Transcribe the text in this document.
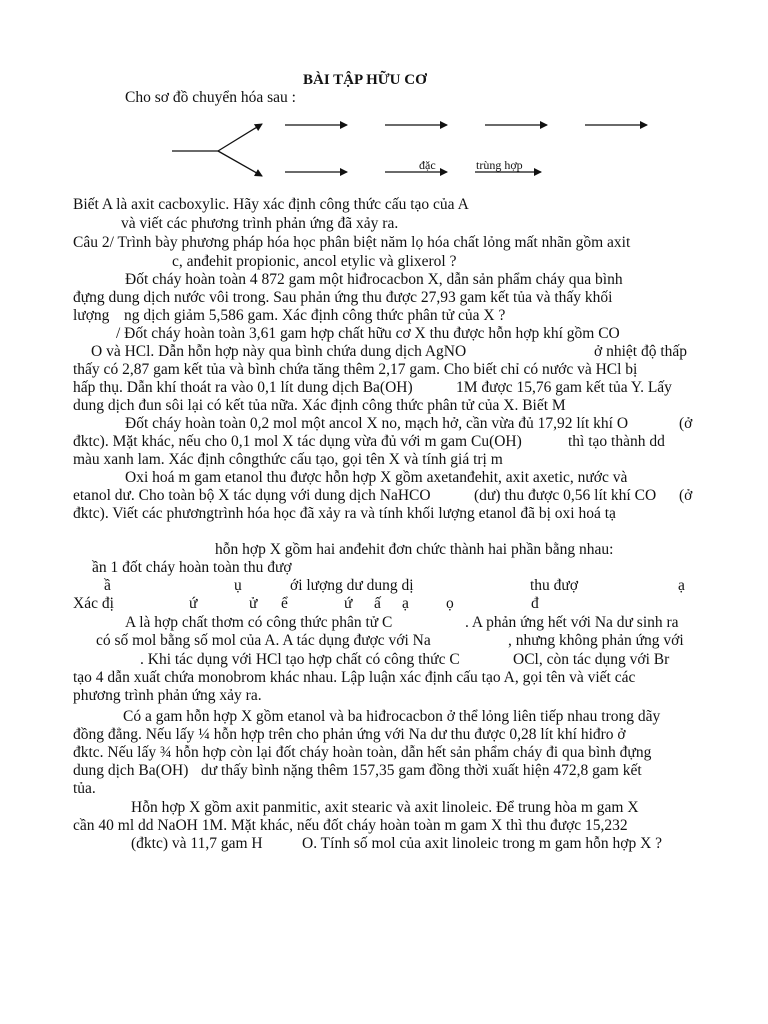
BÀI TẬP HỮU CƠ
Cho sơ đồ chuyển hóa sau :
đặc	trùng hợp
Biết A là axit cacboxylic. Hãy xác định công thức cấu tạo của A
và viết các phương trình phản ứng đã xảy ra.
Câu 2/ Trình bày phương pháp hóa học phân biệt năm lọ hóa chất lỏng mất nhãn gồm axit
c, anđehit propionic, ancol etylic và glixerol ?
Đốt cháy hoàn toàn 4 872 gam một hiđrocacbon X, dẫn sản phẩm cháy qua bình
đựng dung dịch nước vôi trong. Sau phản ứng thu được 27,93 gam kết tủa và thấy khối
lượng ng dịch giảm 5,586 gam. Xác định công thức phân tử của X ?
/ Đốt cháy hoàn toàn 3,61 gam hợp chất hữu cơ X thu được hỗn hợp khí gồm CO
O và HCl. Dẫn hỗn hợp này qua bình chứa dung dịch AgNO	ở nhiệt độ thấp
thấy có 2,87 gam kết tủa và bình chứa tăng thêm 2,17 gam. Cho biết chỉ có nước và HCl bị
hấp thụ. Dẫn khí thoát ra vào 0,1 lít dung dịch Ba(OH)	1M được 15,76 gam kết tủa Y. Lấy
dung dịch đun sôi lại có kết tủa nữa. Xác định công thức phân tử của X. Biết M
Đốt cháy hoàn toàn 0,2 mol một ancol X no, mạch hở, cần vừa đủ 17,92 lít khí O	(ở
đktc). Mặt khác, nếu cho 0,1 mol X tác dụng vừa đủ với m gam Cu(OH)	thì tạo thành dd
màu xanh lam. Xác định côngthức cấu tạo, gọi tên X và tính giá trị m
Oxi hoá m gam etanol thu được hỗn hợp X gồm axetanđehit, axit axetic, nước và
etanol dư. Cho toàn bộ X tác dụng với dung dịch NaHCO	(dư) thu được 0,56 lít khí CO (ở
đktc). Viết các phươngtrình hóa học đã xảy ra và tính khối lượng etanol đã bị oxi hoá tạ
hỗn hợp X gồm hai anđehit đơn chức thành hai phần bằng nhau:
ần 1 đốt cháy hoàn toàn thu đượ
ầ	ụ	ới lượng dư dung dị	thu đượ	ạ
Xác đị	ứ	ử ể	ứ ấ ạ ọ	đ
A là hợp chất thơm có công thức phân tử C	. A phản ứng hết với Na dư sinh ra
có số mol bằng số mol của A. A tác dụng được với Na	, nhưng không phản ứng với
. Khi tác dụng với HCl tạo hợp chất có công thức C	OCl, còn tác dụng với Br
tạo 4 dẫn xuất chứa monobrom khác nhau. Lập luận xác định cấu tạo A, gọi tên và viết các
phương trình phản ứng xảy ra.
Có a gam hỗn hợp X gồm etanol và ba hiđrocacbon ở thể lỏng liên tiếp nhau trong dãy
đồng đẳng. Nếu lấy ¼ hỗn hợp trên cho phản ứng với Na dư thu được 0,28 lít khí hiđro ở
đktc. Nếu lấy ¾ hỗn hợp còn lại đốt cháy hoàn toàn, dẫn hết sản phẩm cháy đi qua bình đựng
dung dịch Ba(OH) dư thấy bình nặng thêm 157,35 gam đồng thời xuất hiện 472,8 gam kết
tủa.
Hỗn hợp X gồm axit panmitic, axit stearic và axit linoleic. Để trung hòa m gam X
cần 40 ml dd NaOH 1M. Mặt khác, nếu đốt cháy hoàn toàn m gam X thì thu được 15,232
(đktc) và 11,7 gam H	O. Tính số mol của axit linoleic trong m gam hỗn hợp X ?
